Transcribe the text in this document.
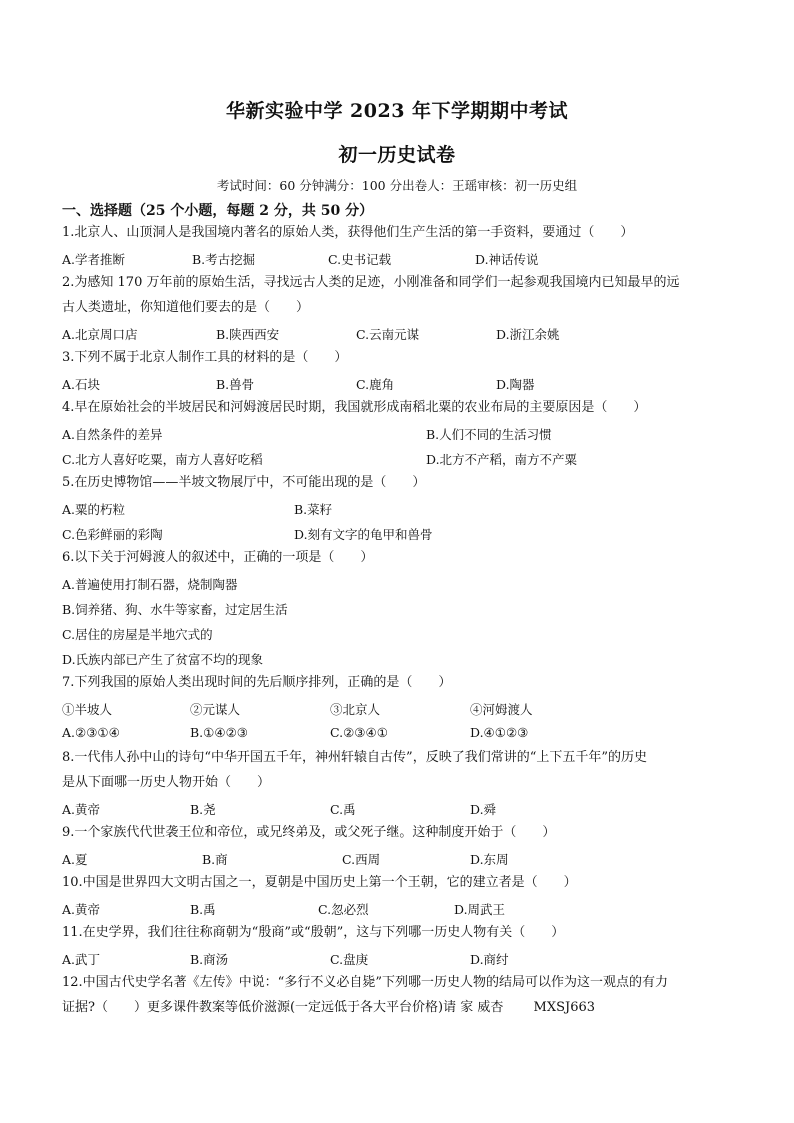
华新实验中学 2023 年下学期期中考试
初一历史试卷
考试时间：60 分钟满分：100 分出卷人：王瑶审核：初一历史组
一、选择题（25 个小题，每题 2 分，共 50 分）
1.北京人、山顶洞人是我国境内著名的原始人类，获得他们生产生活的第一手资料，要通过（　　）
A.学者推断	B.考古挖掘	C.史书记载	D.神话传说
2.为感知 170 万年前的原始生活，寻找远古人类的足迹，小刚准备和同学们一起参观我国境内已知最早的远
古人类遗址，你知道他们要去的是（　　）
A.北京周口店	B.陕西西安	C.云南元谋	D.浙江余姚
3.下列不属于北京人制作工具的材料的是（　　）
A.石块	B.兽骨	C.鹿角	D.陶器
4.早在原始社会的半坡居民和河姆渡居民时期，我国就形成南稻北粟的农业布局的主要原因是（　　）
A.自然条件的差异	B.人们不同的生活习惯
C.北方人喜好吃粟，南方人喜好吃稻	D.北方不产稻，南方不产粟
5.在历史博物馆——半坡文物展厅中，不可能出现的是（　　）
A.粟的朽粒	B.菜籽
C.色彩鲜丽的彩陶	D.刻有文字的龟甲和兽骨
6.以下关于河姆渡人的叙述中，正确的一项是（　　）
A.普遍使用打制石器，烧制陶器
B.饲养猪、狗、水牛等家畜，过定居生活
C.居住的房屋是半地穴式的
D.氏族内部已产生了贫富不均的现象
7.下列我国的原始人类出现时间的先后顺序排列，正确的是（　　）
①半坡人	②元谋人	③北京人	④河姆渡人
A.②③①④	B.①④②③	C.②③④①	D.④①②③
8.一代伟人孙中山的诗句“中华开国五千年，神州轩辕自古传”，反映了我们常讲的“上下五千年”的历史
是从下面哪一历史人物开始（　　）
A.黄帝	B.尧	C.禹	D.舜
9.一个家族代代世袭王位和帝位，或兄终弟及，或父死子继。这种制度开始于（　　）
A.夏	B.商	C.西周	D.东周
10.中国是世界四大文明古国之一，夏朝是中国历史上第一个王朝，它的建立者是（　　）
A.黄帝	B.禹	C.忽必烈	D.周武王
11.在史学界，我们往往称商朝为“殷商”或“殷朝”，这与下列哪一历史人物有关（　　）
A.武丁	B.商汤	C.盘庚	D.商纣
12.中国古代史学名著《左传》中说：“多行不义必自毙”下列哪一历史人物的结局可以作为这一观点的有力
证据?（　　）更多课件教案等低价滋源(一定远低于各大平台价格)请 家 威杏　　 MXSJ663
